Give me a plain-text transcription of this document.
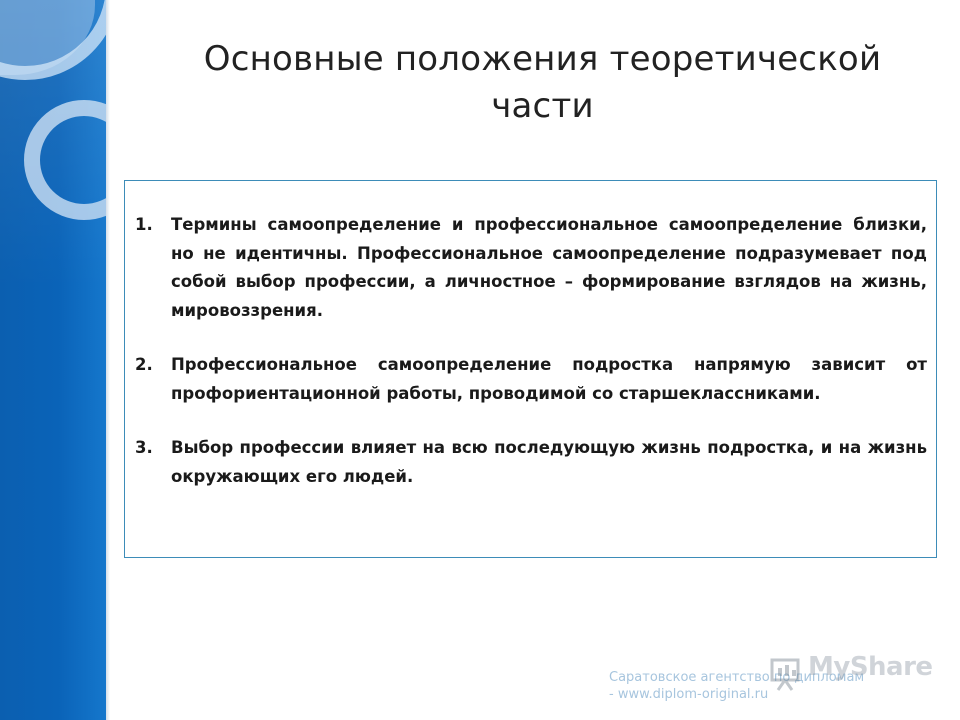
Основные положения теоретической
части
1. Термины самоопределение и профессиональное самоопределение близки, но не идентичны. Профессиональное самоопределение подразумевает под собой выбор профессии, а личностное – формирование взглядов на жизнь, мировоззрения.
2. Профессиональное самоопределение подростка напрямую зависит от профориентационной работы, проводимой со старшеклассниками.
3. Выбор профессии влияет на всю последующую жизнь подростка, и на жизнь окружающих его людей.
Саратовское агентство по дипломам
- www.diplom-original.ru
MyShare
